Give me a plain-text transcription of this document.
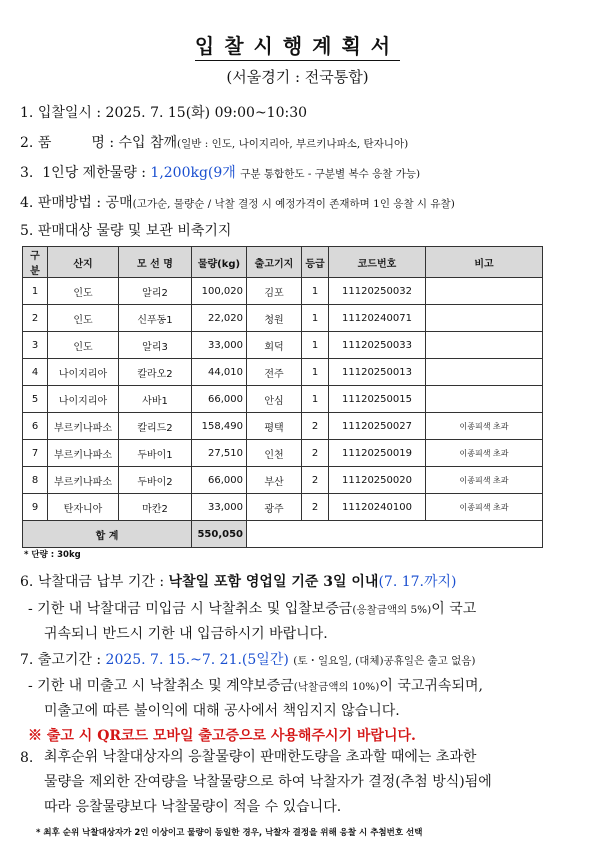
입찰시행계획서
(서울경기 : 전국통합)
1. 입찰일시 : 2025. 7. 15(화) 09:00~10:30
2. 품	명 : 수입 참깨(일반 : 인도, 나이지리아, 부르키나파소, 탄자니아)
3. 1인당 제한물량 : 1,200kg(9개 구분 통합한도 - 구분별 복수 응찰 가능)
4. 판매방법 : 공매(고가순, 물량순 / 낙찰 결정 시 예정가격이 존재하며 1인 응찰 시 유찰)
5. 판매대상 물량 및 보관 비축기지
구분	산지	모 선 명	물량(kg)	출고기지	등급	코드번호	비고
1	인도	알리2	100,020	김포	1	11120250032	
2	인도	신푸동1	22,020	청원	1	11120240071	
3	인도	알리3	33,000	회덕	1	11120250033	
4	나이지리아	칼라오2	44,010	전주	1	11120250013	
5	나이지리아	사바1	66,000	안심	1	11120250015	
6	부르키나파소	칼리드2	158,490	평택	2	11120250027	이종피색 초과
7	부르키나파소	두바이1	27,510	인천	2	11120250019	이종피색 초과
8	부르키나파소	두바이2	66,000	부산	2	11120250020	이종피색 초과
9	탄자니아	마칸2	33,000	광주	2	11120240100	이종피색 초과
합 계			550,050				
* 단량 : 30kg
6. 낙찰대금 납부 기간 : 낙찰일 포함 영업일 기준 3일 이내(7. 17.까지)
- 기한 내 낙찰대금 미입금 시 낙찰취소 및 입찰보증금(응찰금액의 5%)이 국고
귀속되니 반드시 기한 내 입금하시기 바랍니다.
7. 출고기간 : 2025. 7. 15.~7. 21.(5일간) (토・일요일, (대체)공휴일은 출고 없음)
- 기한 내 미출고 시 낙찰취소 및 계약보증금(낙찰금액의 10%)이 국고귀속되며,
미출고에 따른 불이익에 대해 공사에서 책임지지 않습니다.
※ 출고 시 QR코드 모바일 출고증으로 사용해주시기 바랍니다.
8. 최후순위 낙찰대상자의 응찰물량이 판매한도량을 초과할 때에는 초과한
물량을 제외한 잔여량을 낙찰물량으로 하여 낙찰자가 결정(추첨 방식)됨에
따라 응찰물량보다 낙찰물량이 적을 수 있습니다.
* 최후 순위 낙찰대상자가 2인 이상이고 물량이 동일한 경우, 낙찰자 결정을 위해 응찰 시 추첨번호 선택
